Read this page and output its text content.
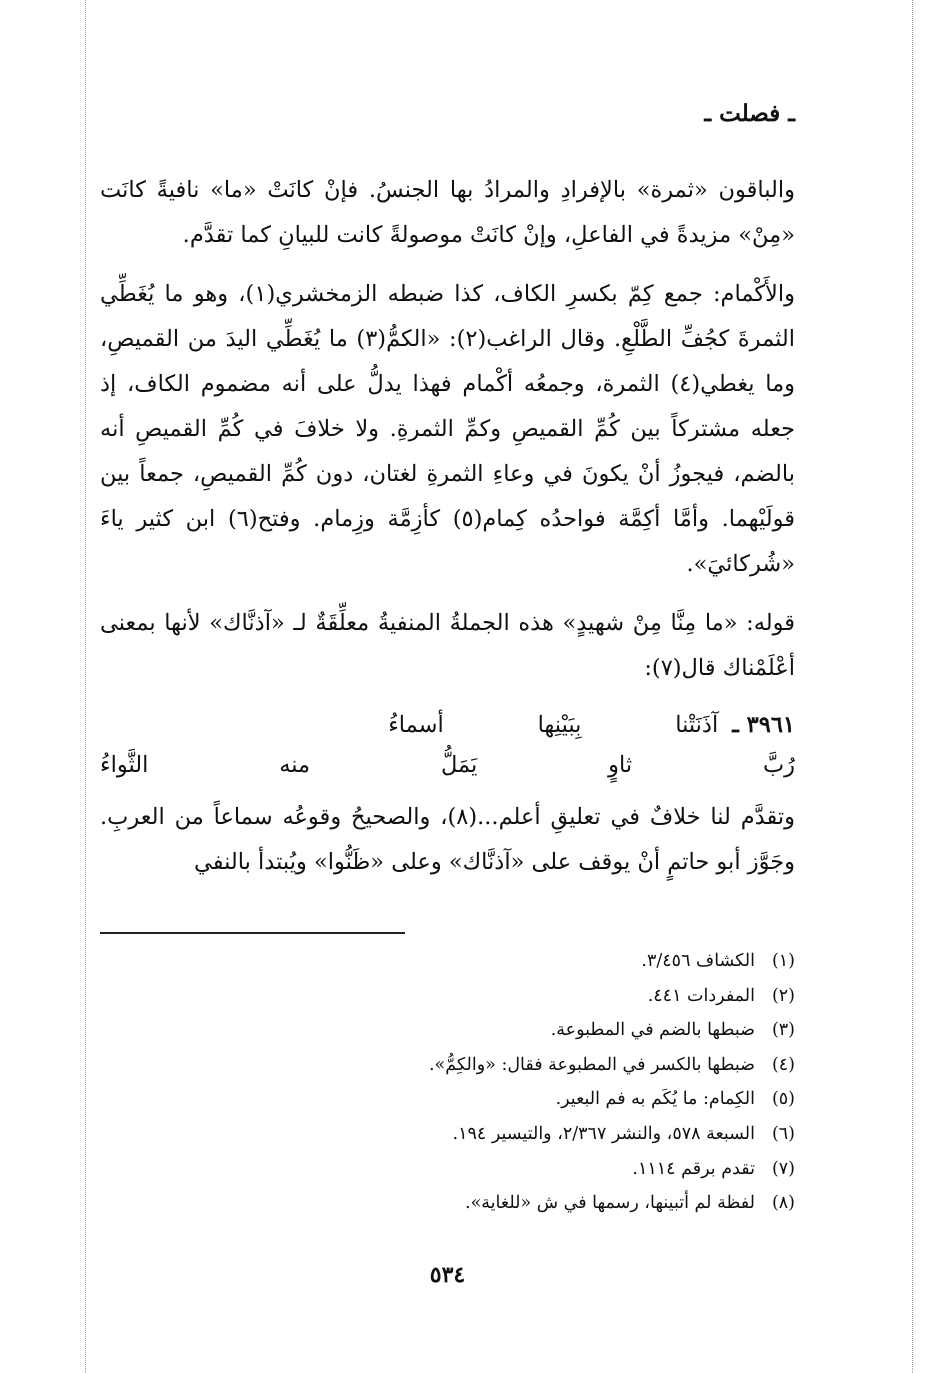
ـ فصلت ـ

والباقون «ثمرة» بالإفرادِ والمرادُ بها الجنسُ. فإنْ كانَتْ «ما» نافيةً كانَت «مِنْ» مزيدةً في الفاعلِ، وإنْ كانَتْ موصولةً كانت للبيانِ كما تقدَّم.

والأَكْمام: جمع كِمّ بكسرِ الكاف، كذا ضبطه الزمخشري(١)، وهو ما يُغَطِّي الثمرةَ كجُفِّ الطَّلْعِ. وقال الراغب(٢): «الكمُّ(٣) ما يُغَطِّي اليدَ من القميصِ، وما يغطي(٤) الثمرة، وجمعُه أكْمام فهذا يدلُّ على أنه مضموم الكاف، إذ جعله مشتركاً بين كُمِّ القميصِ وكمِّ الثمرةِ. ولا خلافَ في كُمِّ القميصِ أنه بالضم، فيجوزُ أنْ يكونَ في وعاءِ الثمرةِ لغتان، دون كُمِّ القميصِ، جمعاً بين قولَيْهما. وأمَّا أكِمَّة فواحدُه كِمام(٥) كأزِمَّة وزِمام. وفتح(٦) ابن كثير ياءَ «شُركائيَ».

قوله: «ما مِنَّا مِنْ شهيدٍ» هذه الجملةُ المنفيةُ معلِّقَةٌ لـ «آذنَّاك» لأنها بمعنى أعْلَمْناك قال(٧):

٣٩٦١ ـ
آذَنَتْنا بِبَيْنِها أسماءُ
رُبَّ ثاوٍ يَمَلُّ منه الثَّواءُ

وتقدَّم لنا خلافٌ في تعليقِ أعلم...(٨)، والصحيحُ وقوعُه سماعاً من العربِ. وجَوَّز أبو حاتمٍ أنْ يوقف على «آذنَّاك» وعلى «ظَنُّوا» ويُبتدأ بالنفي

(١)الكشاف ٣/٤٥٦.
(٢)المفردات ٤٤١.
(٣)ضبطها بالضم في المطبوعة.
(٤)ضبطها بالكسر في المطبوعة فقال: «والكِمُّ».
(٥)الكِمام: ما يُكَم به فم البعير.
(٦)السبعة ٥٧٨، والنشر ٢/٣٦٧، والتيسير ١٩٤.
(٧)تقدم برقم ١١١٤.
(٨)لفظة لم أتبينها، رسمها في ش «للغاية».
٥٣٤
